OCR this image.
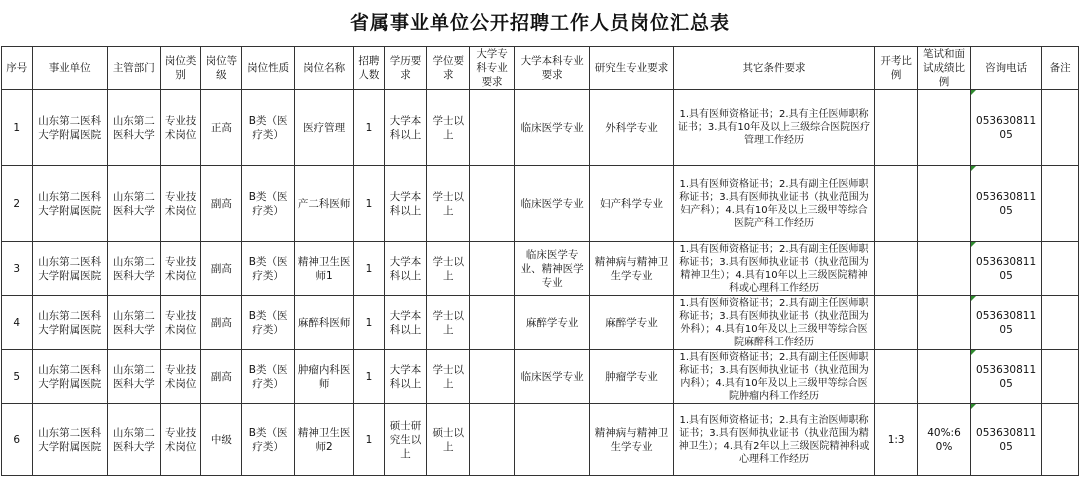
省属事业单位公开招聘工作人员岗位汇总表
序号	事业单位	主管部门	岗位类别	岗位等级	岗位性质	岗位名称	招聘人数	学历要求	学位要求	大学专科专业要求	大学本科专业要求	研究生专业要求	其它条件要求	开考比例	笔试和面试成绩比例	咨询电话	备注
1	山东第二医科大学附属医院	山东第二医科大学	专业技术岗位	正高	B类（医疗类）	医疗管理	1	大学本科以上	学士以上		临床医学专业	外科学专业	1.具有医师资格证书；2.具有主任医师职称证书；3.具有10年及以上三级综合医院医疗管理工作经历			05363081105	
2	山东第二医科大学附属医院	山东第二医科大学	专业技术岗位	副高	B类（医疗类）	产二科医师	1	大学本科以上	学士以上		临床医学专业	妇产科学专业	1.具有医师资格证书；2.具有副主任医师职称证书；3.具有医师执业证书（执业范围为妇产科）；4.具有10年及以上三级甲等综合医院产科工作经历			05363081105	
3	山东第二医科大学附属医院	山东第二医科大学	专业技术岗位	副高	B类（医疗类）	精神卫生医师1	1	大学本科以上	学士以上		临床医学专业、精神医学专业	精神病与精神卫生学专业	1.具有医师资格证书；2.具有副主任医师职称证书；3.具有医师执业证书（执业范围为精神卫生）；4.具有10年以上三级医院精神科或心理科工作经历			05363081105	
4	山东第二医科大学附属医院	山东第二医科大学	专业技术岗位	副高	B类（医疗类）	麻醉科医师	1	大学本科以上	学士以上		麻醉学专业	麻醉学专业	1.具有医师资格证书；2.具有副主任医师职称证书；3.具有医师执业证书（执业范围为外科）；4.具有10年及以上三级甲等综合医院麻醉科工作经历			05363081105	
5	山东第二医科大学附属医院	山东第二医科大学	专业技术岗位	副高	B类（医疗类）	肿瘤内科医师	1	大学本科以上	学士以上		临床医学专业	肿瘤学专业	1.具有医师资格证书；2.具有副主任医师职称证书；3.具有医师执业证书（执业范围为内科）；4.具有10年及以上三级甲等综合医院肿瘤内科工作经历			05363081105	
6	山东第二医科大学附属医院	山东第二医科大学	专业技术岗位	中级	B类（医疗类）	精神卫生医师2	1	硕士研究生以上	硕士以上			精神病与精神卫生学专业	1.具有医师资格证书；2.具有主治医师职称证书；3.具有医师执业证书（执业范围为精神卫生）；4.具有2年以上三级医院精神科或心理科工作经历	1:3	40%:60%	05363081105	
